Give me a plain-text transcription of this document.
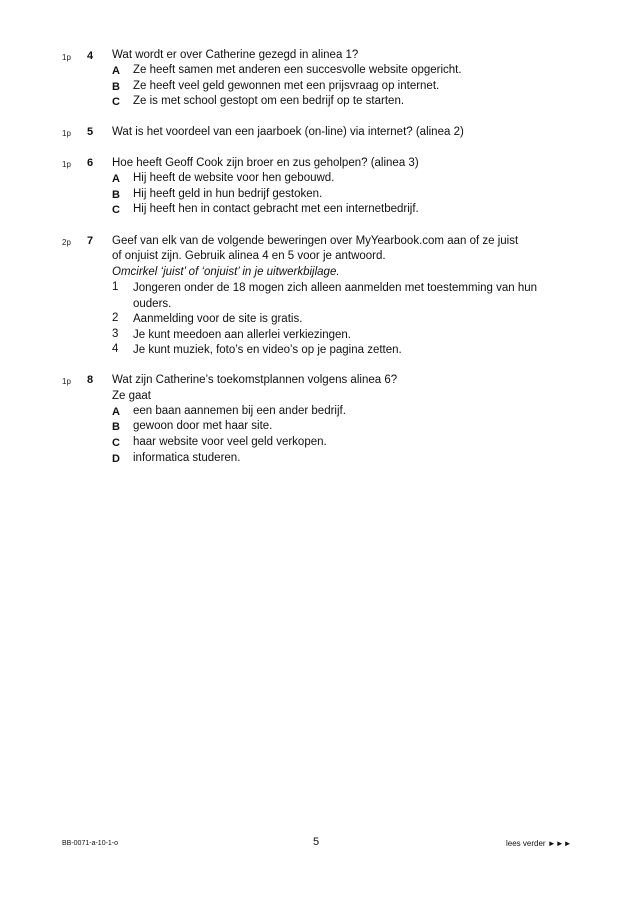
1p 4 Wat wordt er over Catherine gezegd in alinea 1?
A Ze heeft samen met anderen een succesvolle website opgericht.
B Ze heeft veel geld gewonnen met een prijsvraag op internet.
C Ze is met school gestopt om een bedrijf op te starten.
1p 5 Wat is het voordeel van een jaarboek (on-line) via internet? (alinea 2)
1p 6 Hoe heeft Geoff Cook zijn broer en zus geholpen? (alinea 3)
A Hij heeft de website voor hen gebouwd.
B Hij heeft geld in hun bedrijf gestoken.
C Hij heeft hen in contact gebracht met een internetbedrijf.
2p 7 Geef van elk van de volgende beweringen over MyYearbook.com aan of ze juist
of onjuist zijn. Gebruik alinea 4 en 5 voor je antwoord.
Omcirkel ‘juist’ of ‘onjuist’ in je uitwerkbijlage.
1 Jongeren onder de 18 mogen zich alleen aanmelden met toestemming van hun ouders.
2 Aanmelding voor de site is gratis.
3 Je kunt meedoen aan allerlei verkiezingen.
4 Je kunt muziek, foto’s en video’s op je pagina zetten.
1p 8 Wat zijn Catherine’s toekomstplannen volgens alinea 6?
Ze gaat
A een baan aannemen bij een ander bedrijf.
B gewoon door met haar site.
C haar website voor veel geld verkopen.
D informatica studeren.
BB-0071-a-10-1-o	5	lees verder ►►►
